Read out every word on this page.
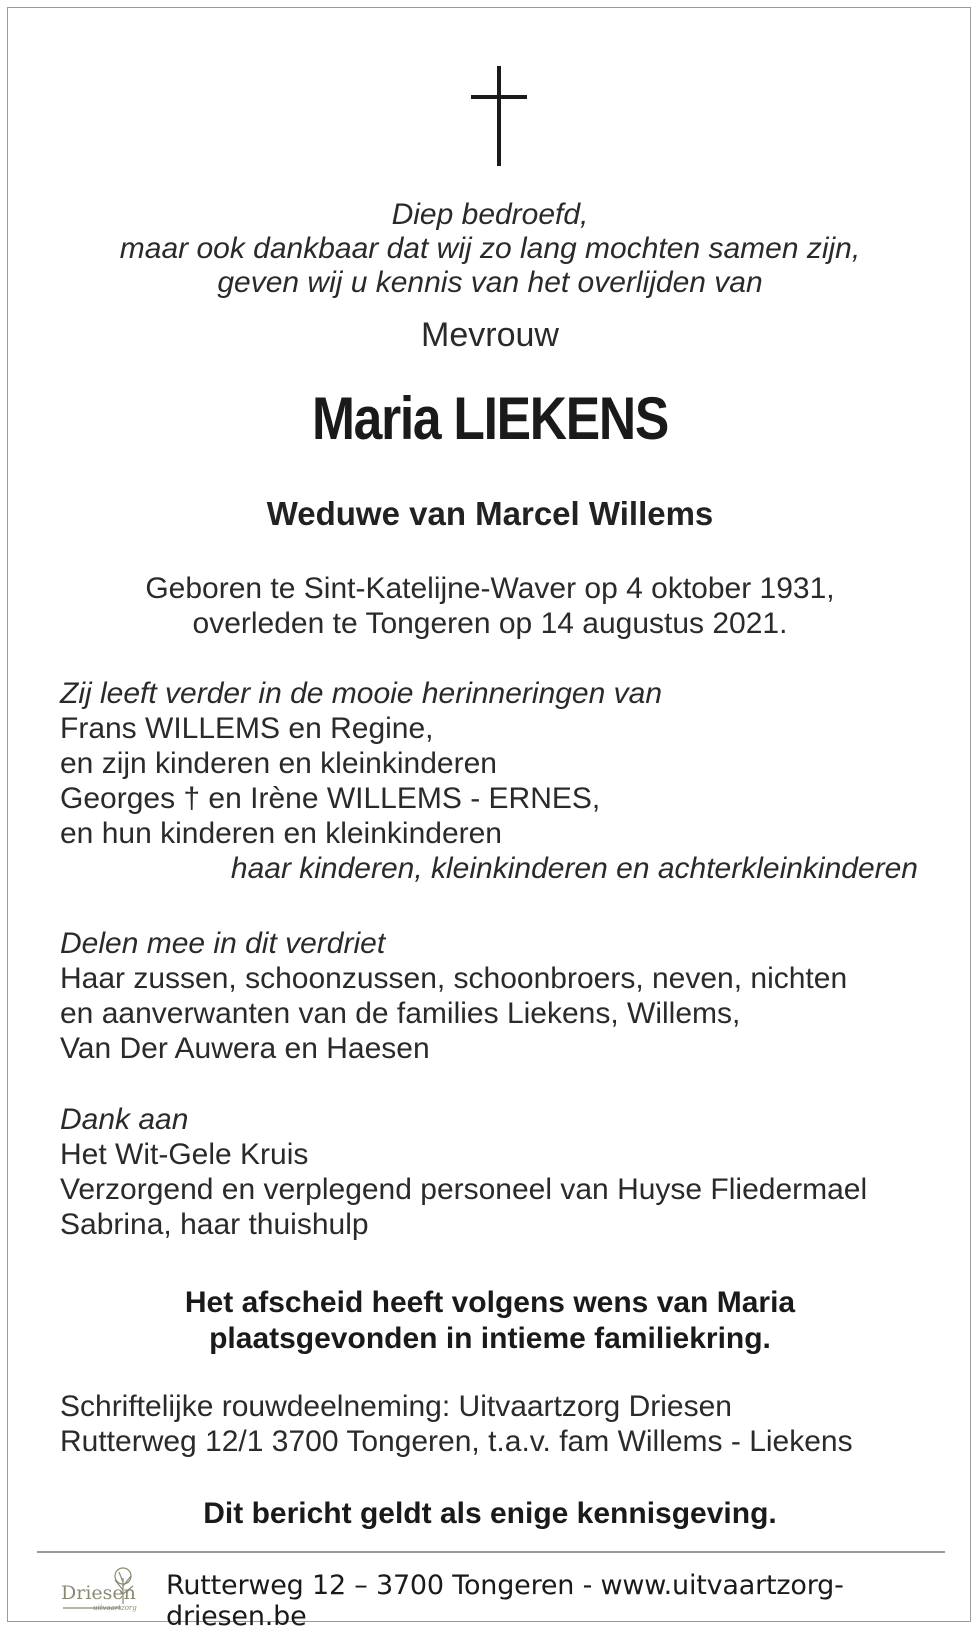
Diep bedroefd,
maar ook dankbaar dat wij zo lang mochten samen zijn,
geven wij u kennis van het overlijden van
Mevrouw
Maria LIEKENS
Weduwe van Marcel Willems
Geboren te Sint-Katelijne-Waver op 4 oktober 1931,
overleden te Tongeren op 14 augustus 2021.
Zij leeft verder in de mooie herinneringen van
Frans WILLEMS en Regine,
en zijn kinderen en kleinkinderen
Georges † en Irène WILLEMS - ERNES,
en hun kinderen en kleinkinderen
haar kinderen, kleinkinderen en achterkleinkinderen
Delen mee in dit verdriet
Haar zussen, schoonzussen, schoonbroers, neven, nichten
en aanverwanten van de families Liekens, Willems,
Van Der Auwera en Haesen
Dank aan
Het Wit-Gele Kruis
Verzorgend en verplegend personeel van Huyse Fliedermael
Sabrina, haar thuishulp
Het afscheid heeft volgens wens van Maria
plaatsgevonden in intieme familiekring.
Schriftelijke rouwdeelneming: Uitvaartzorg Driesen
Rutterweg 12/1 3700 Tongeren, t.a.v. fam Willems - Liekens
Dit bericht geldt als enige kennisgeving.
Driesen
uitvaartzorg
Rutterweg 12 – 3700 Tongeren - www.uitvaartzorg-driesen.be
